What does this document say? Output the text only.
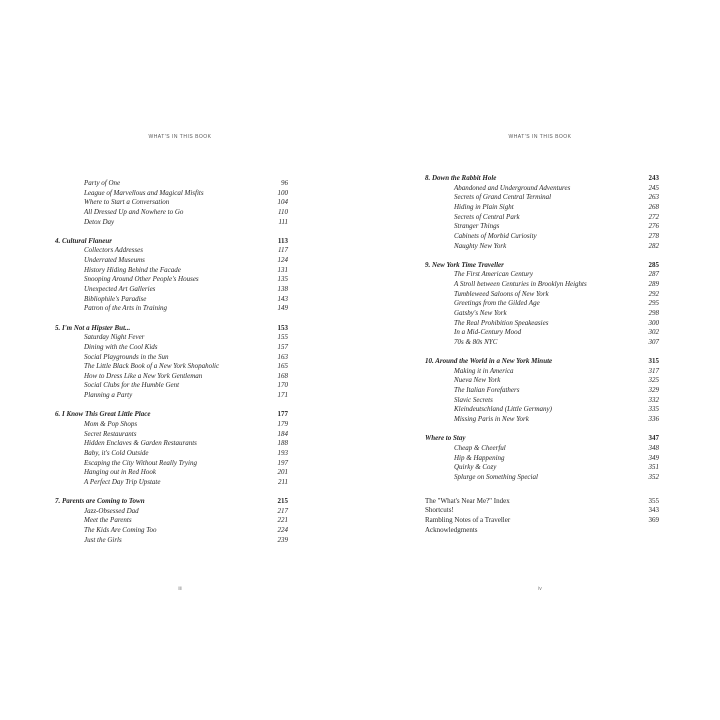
WHAT'S IN THIS BOOK
Party of One	96
League of Marvellous and Magical Misfits	100
Where to Start a Conversation	104
All Dressed Up and Nowhere to Go	110
Detox Day	111
4. Cultural Flaneur	113
Collectors Addresses	117
Underrated Museums	124
History Hiding Behind the Facade	131
Snooping Around Other People's Houses	135
Unexpected Art Galleries	138
Bibliophile's Paradise	143
Patron of the Arts in Training	149
5. I'm Not a Hipster But...	153
Saturday Night Fever	155
Dining with the Cool Kids	157
Social Playgrounds in the Sun	163
The Little Black Book of a New York Shopaholic	165
How to Dress Like a New York Gentleman	168
Social Clubs for the Humble Gent	170
Planning a Party	171
6. I Know This Great Little Place	177
Mom & Pop Shops	179
Secret Restaurants	184
Hidden Enclaves & Garden Restaurants	188
Baby, it's Cold Outside	193
Escaping the City Without Really Trying	197
Hanging out in Red Hook	201
A Perfect Day Trip Upstate	211
7. Parents are Coming to Town	215
Jazz-Obsessed Dad	217
Meet the Parents	221
The Kids Are Coming Too	224
Just the Girls	239
iii
WHAT'S IN THIS BOOK
8. Down the Rabbit Hole	243
Abandoned and Underground Adventures	245
Secrets of Grand Central Terminal	263
Hiding in Plain Sight	268
Secrets of Central Park	272
Stranger Things	276
Cabinets of Morbid Curiosity	278
Naughty New York	282
9. New York Time Traveller	285
The First American Century	287
A Stroll between Centuries in Brooklyn Heights	289
Tumbleweed Saloons of New York	292
Greetings from the Gilded Age	295
Gatsby's New York	298
The Real Prohibition Speakeasies	300
In a Mid-Century Mood	302
70s & 80s NYC	307
10. Around the World in a New York Minute	315
Making it in America	317
Nueva New York	325
The Italian Forefathers	329
Slavic Secrets	332
Kleindeutschland (Little Germany)	335
Missing Paris in New York	336
Where to Stay	347
Cheap & Cheerful	348
Hip & Happening	349
Quirky & Cozy	351
Splurge on Something Special	352
The "What's Near Me?" Index	355
Shortcuts!	343
Rambling Notes of a Traveller	369
Acknowledgments
iv
